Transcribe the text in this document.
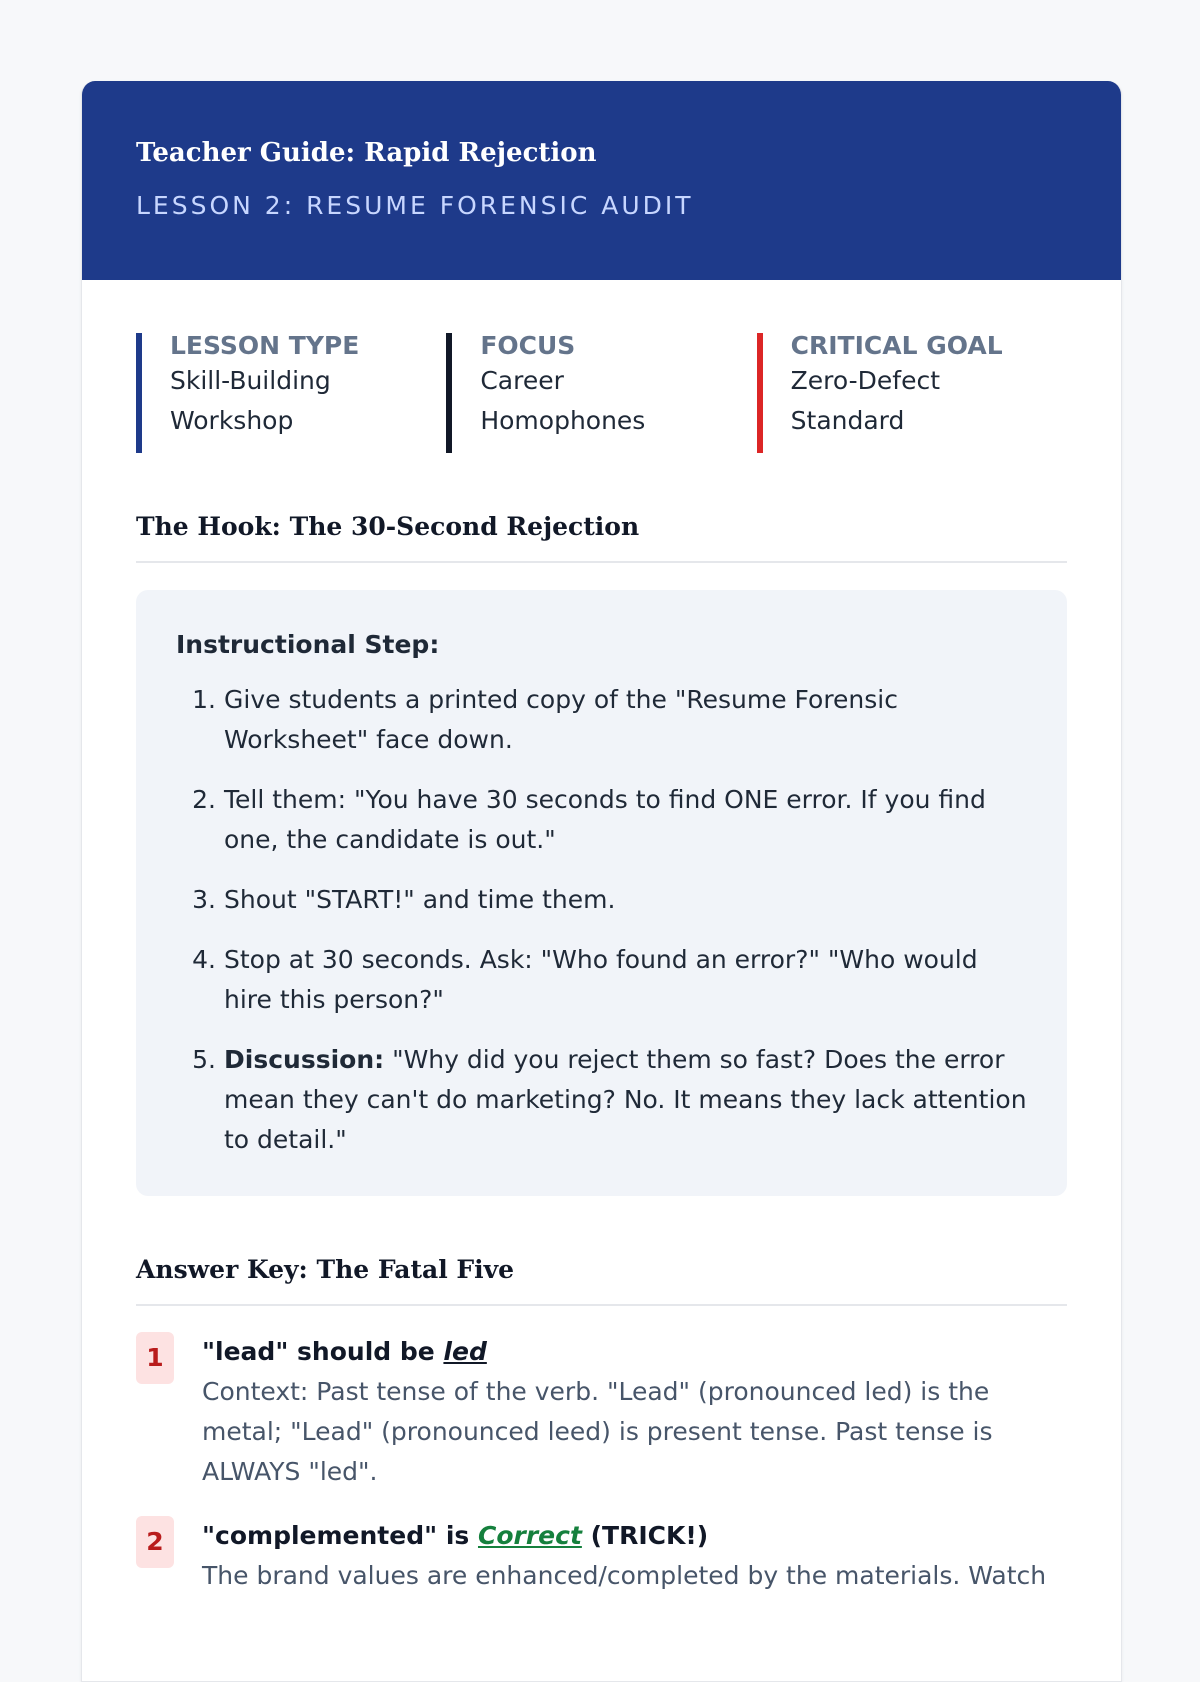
Teacher Guide: Rapid Rejection
LESSON 2: RESUME FORENSIC AUDIT
LESSON TYPE
Skill-Building Workshop
FOCUS
Career Homophones
CRITICAL GOAL
Zero-Defect Standard
The Hook: The 30-Second Rejection
Instructional Step:
1. Give students a printed copy of the "Resume Forensic Worksheet" face down.
2. Tell them: "You have 30 seconds to find ONE error. If you find one, the candidate is out."
3. Shout "START!" and time them.
4. Stop at 30 seconds. Ask: "Who found an error?" "Who would hire this person?"
5. Discussion: "Why did you reject them so fast? Does the error mean they can't do marketing? No. It means they lack attention to detail."
Answer Key: The Fatal Five
1	"lead" should be led
Context: Past tense of the verb. "Lead" (pronounced led) is the metal; "Lead" (pronounced leed) is present tense. Past tense is ALWAYS "led".
2	"complemented" is Correct (TRICK!)
The brand values are enhanced/completed by the materials. Watch
